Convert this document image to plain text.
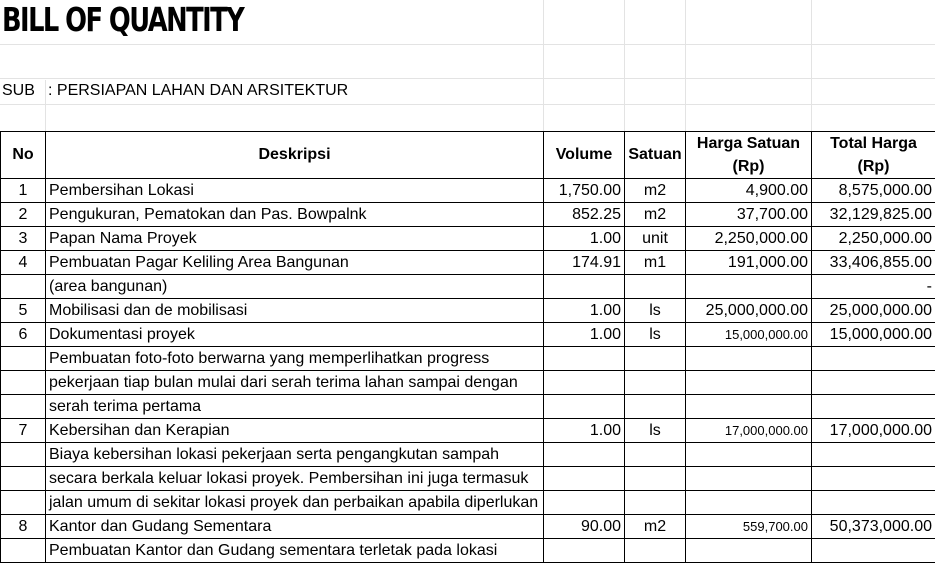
BILL OF QUANTITY
SUB : PERSIAPAN LAHAN DAN ARSITEKTUR
No	Deskripsi	Volume	Satuan	Harga Satuan	Total Harga
				(Rp)	(Rp)
1	Pembersihan Lokasi	1,750.00	m2	4,900.00	8,575,000.00
2	Pengukuran, Pematokan dan Pas. Bowpalnk	852.25	m2	37,700.00	32,129,825.00
3	Papan Nama Proyek	1.00	unit	2,250,000.00	2,250,000.00
4	Pembuatan Pagar Keliling Area Bangunan	174.91	m1	191,000.00	33,406,855.00
	(area bangunan)				-
5	Mobilisasi dan de mobilisasi	1.00	ls	25,000,000.00	25,000,000.00
6	Dokumentasi proyek	1.00	ls	15,000,000.00	15,000,000.00
	Pembuatan foto-foto berwarna yang memperlihatkan progress				
	pekerjaan tiap bulan mulai dari serah terima lahan sampai dengan				
	serah terima pertama				
7	Kebersihan dan Kerapian	1.00	ls	17,000,000.00	17,000,000.00
	Biaya kebersihan lokasi pekerjaan serta pengangkutan sampah				
	secara berkala keluar lokasi proyek. Pembersihan ini juga termasuk				
	jalan umum di sekitar lokasi proyek dan perbaikan apabila diperlukan				
8	Kantor dan Gudang Sementara	90.00	m2	559,700.00	50,373,000.00
	Pembuatan Kantor dan Gudang sementara terletak pada lokasi				
